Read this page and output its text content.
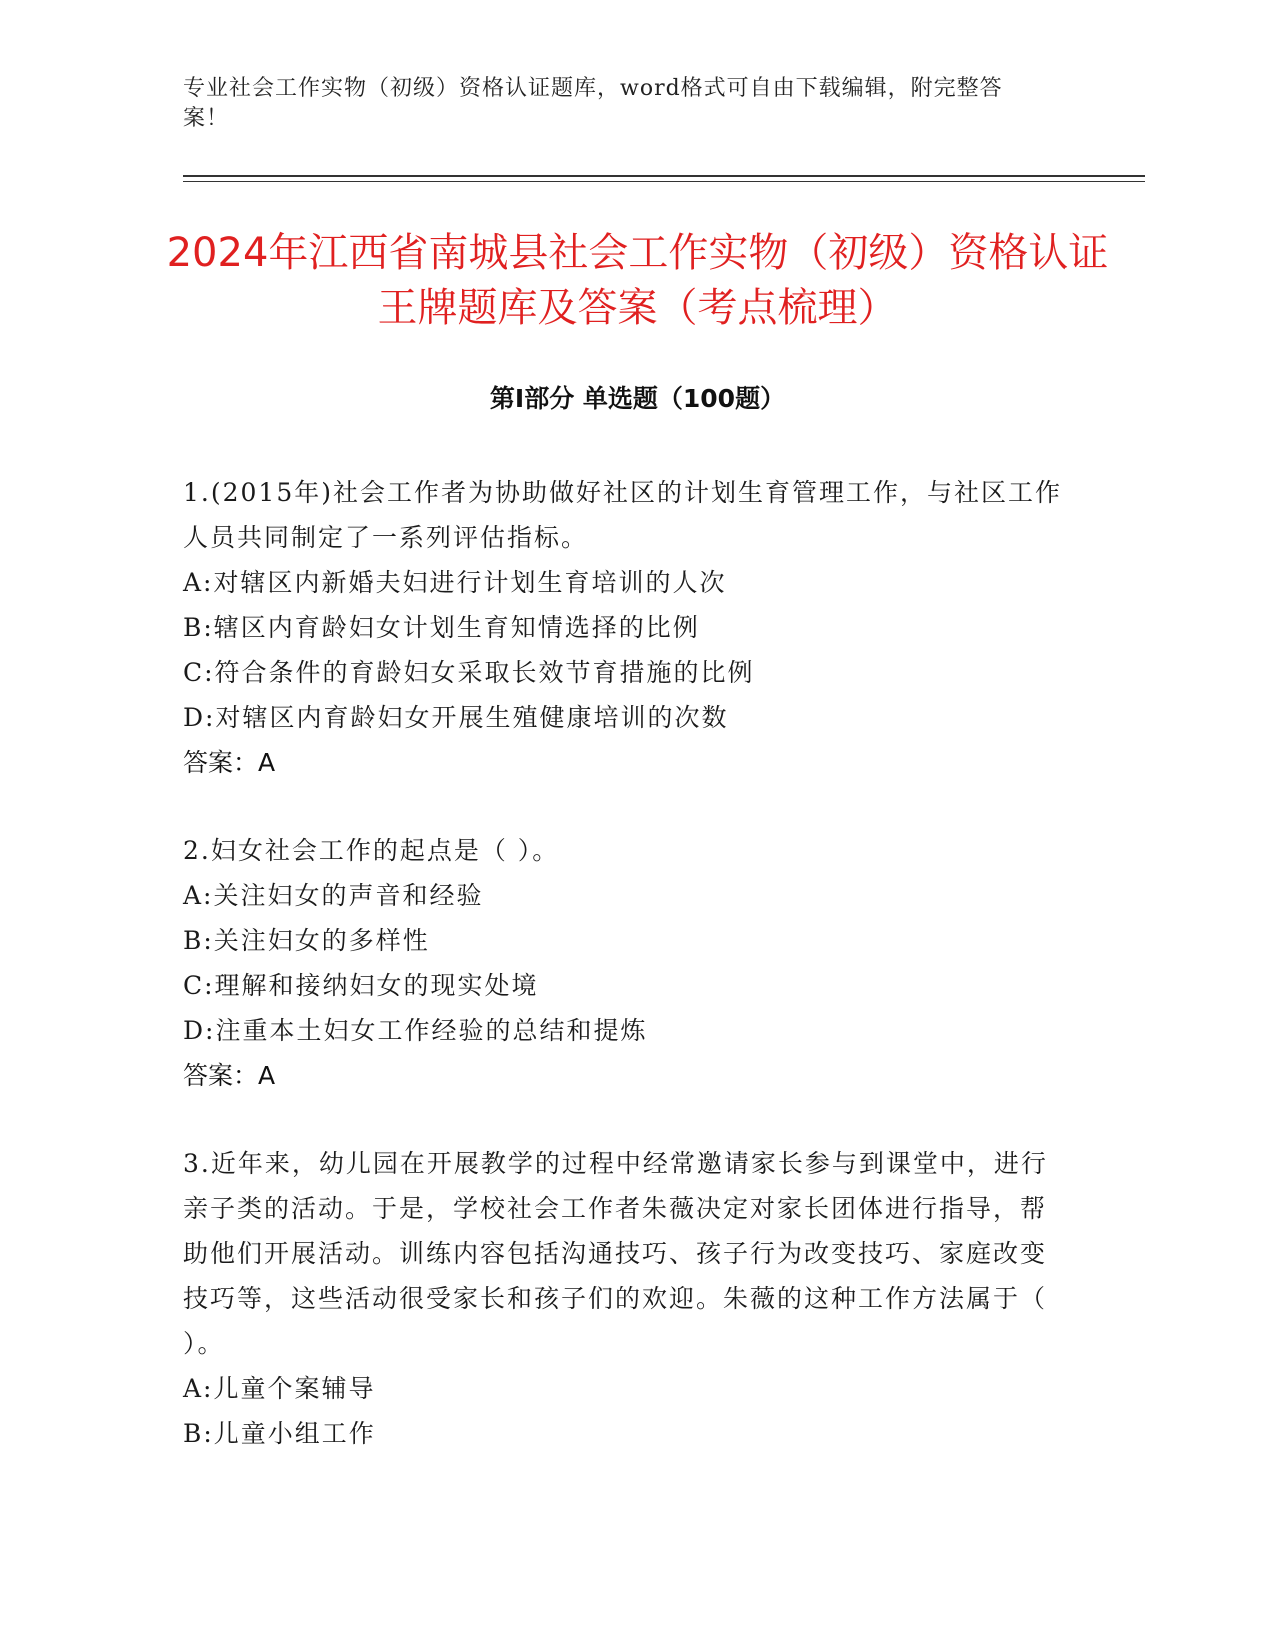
专业社会工作实物（初级）资格认证题库，word格式可自由下载编辑，附完整答案！
2024年江西省南城县社会工作实物（初级）资格认证王牌题库及答案（考点梳理）
第Ⅰ部分 单选题（100题）

1.(2015年)社会工作者为协助做好社区的计划生育管理工作，与社区工作人员共同制定了一系列评估指标。

A:对辖区内新婚夫妇进行计划生育培训的人次

B:辖区内育龄妇女计划生育知情选择的比例

C:符合条件的育龄妇女采取长效节育措施的比例

D:对辖区内育龄妇女开展生殖健康培训的次数

答案：A

2.妇女社会工作的起点是（ ）。

A:关注妇女的声音和经验

B:关注妇女的多样性

C:理解和接纳妇女的现实处境

D:注重本土妇女工作经验的总结和提炼

答案：A

3.近年来，幼儿园在开展教学的过程中经常邀请家长参与到课堂中，进行亲子类的活动。于是，学校社会工作者朱薇决定对家长团体进行指导，帮助他们开展活动。训练内容包括沟通技巧、孩子行为改变技巧、家庭改变技巧等，这些活动很受家长和孩子们的欢迎。朱薇的这种工作方法属于（ ）。

A:儿童个案辅导

B:儿童小组工作
